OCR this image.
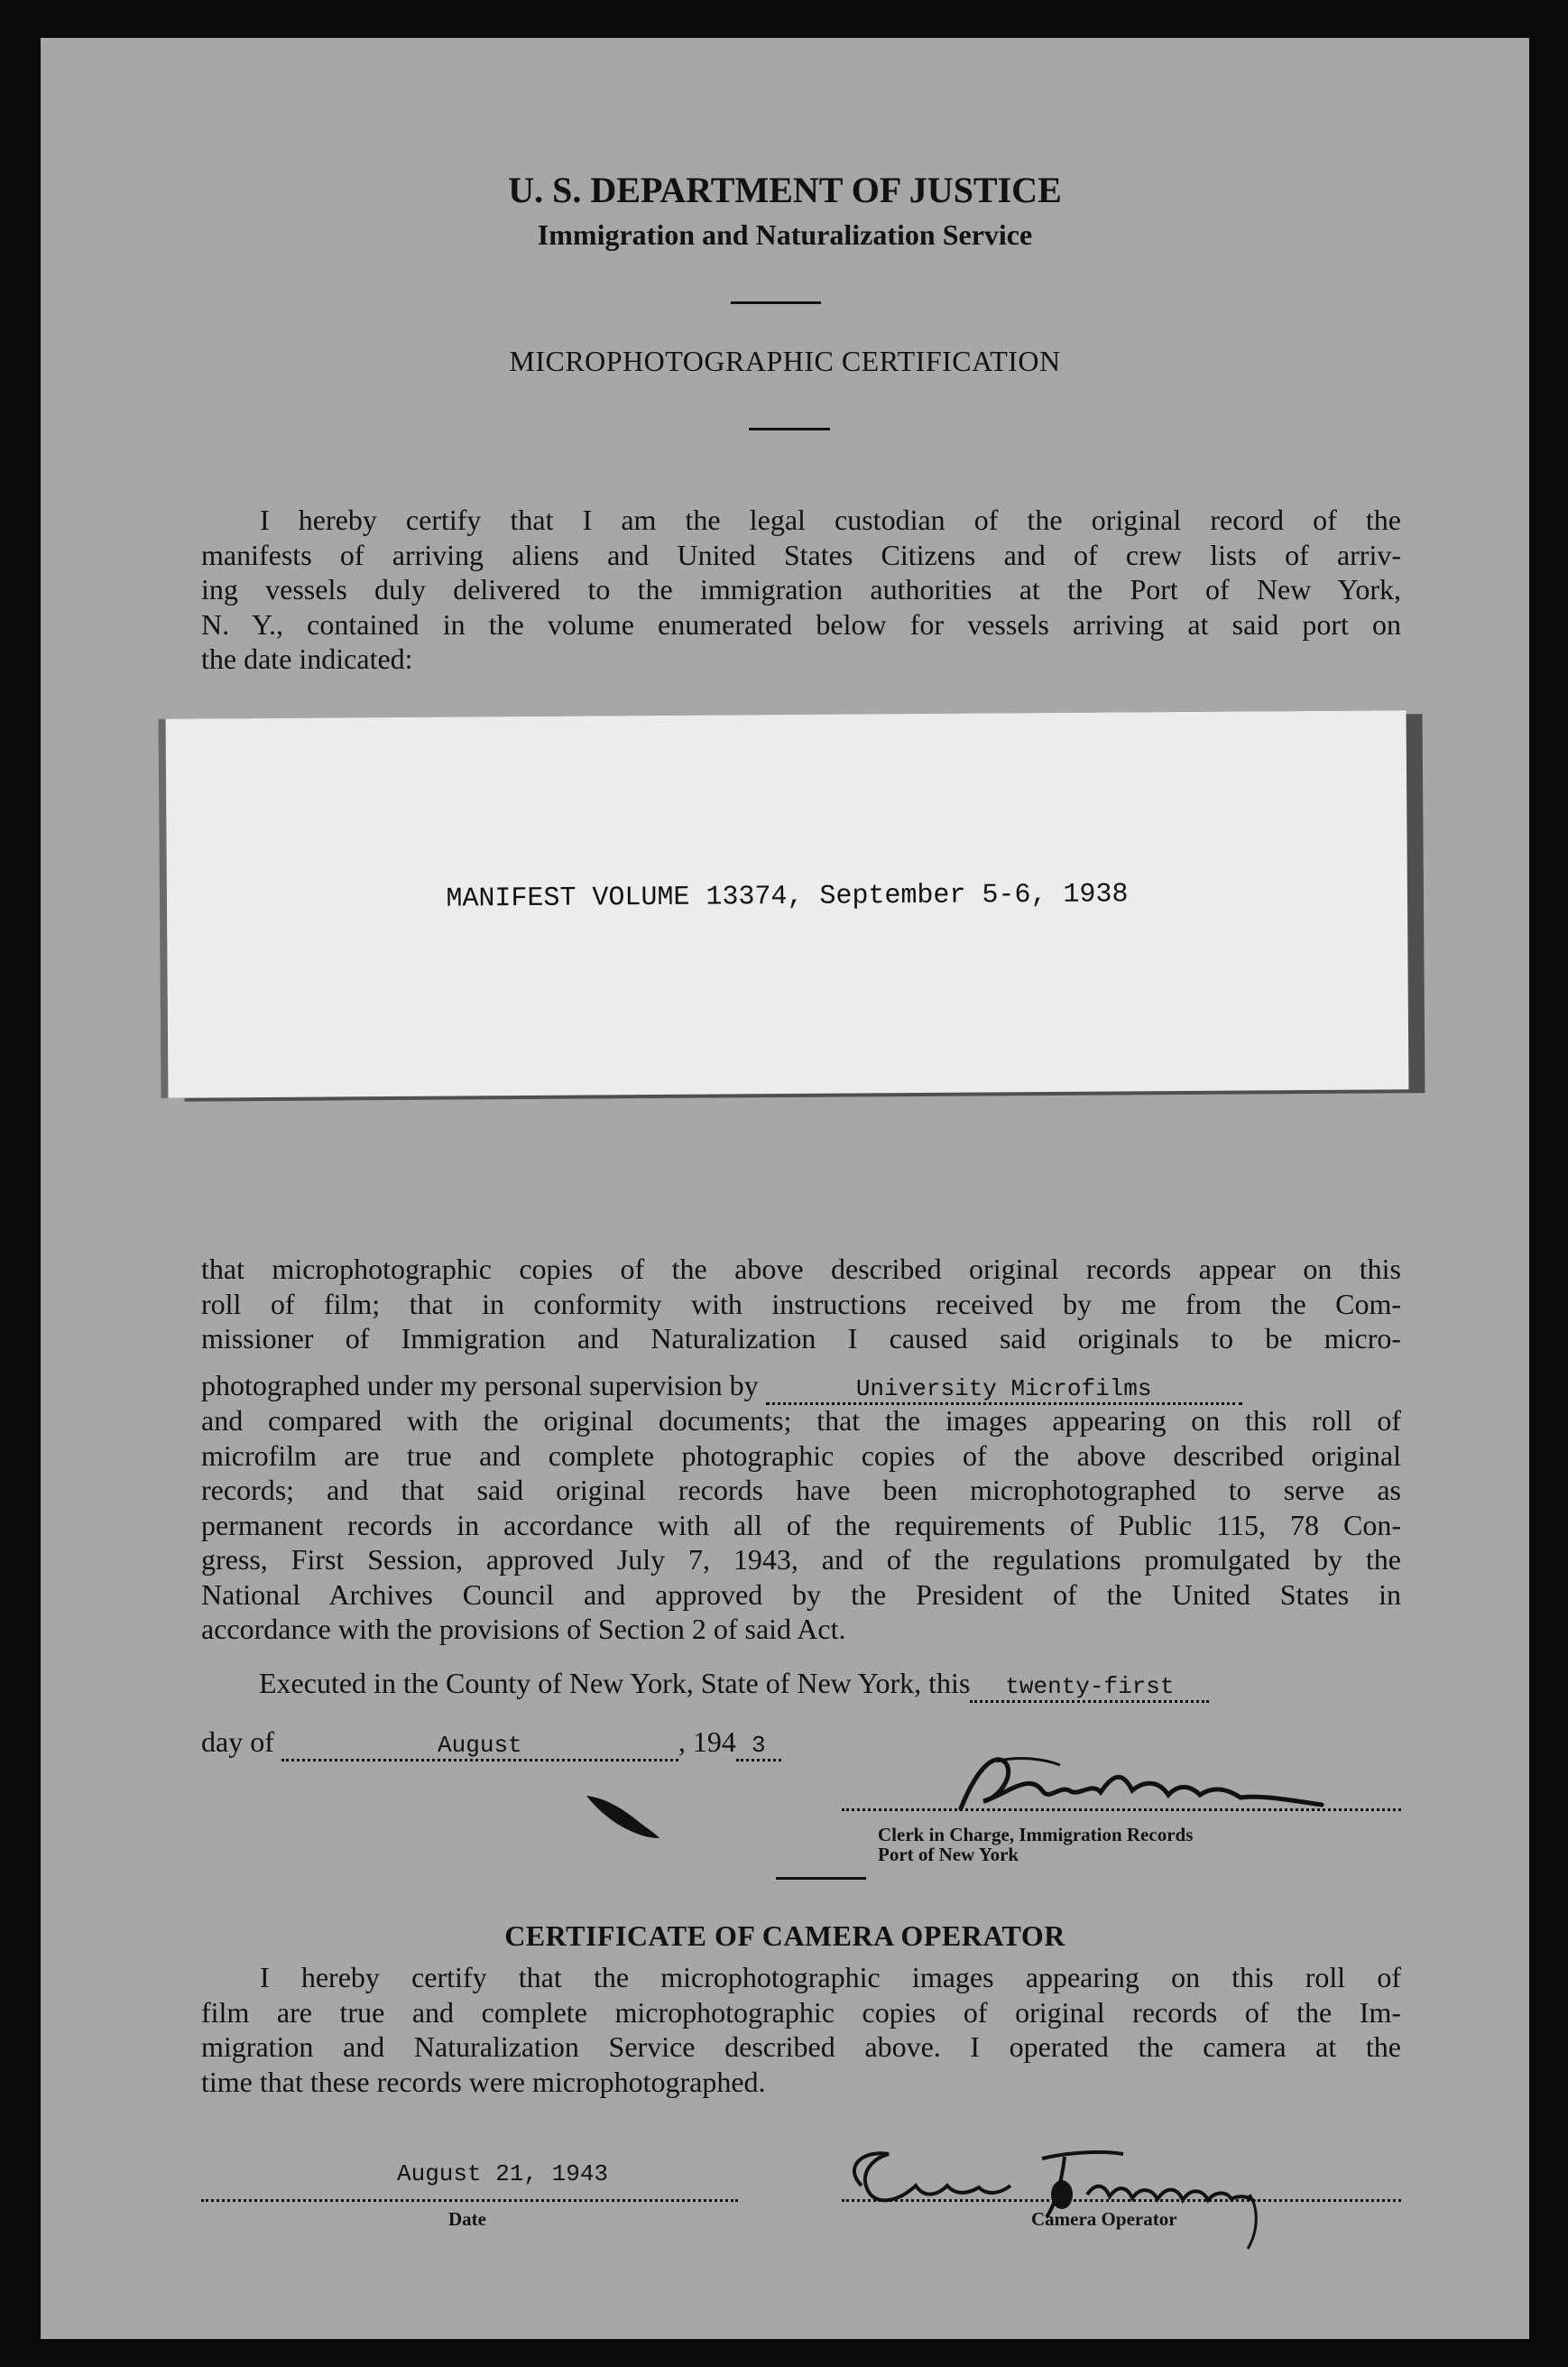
U. S. DEPARTMENT OF JUSTICE
Immigration and Naturalization Service
MICROPHOTOGRAPHIC CERTIFICATION

I hereby certify that I am the legal custodian of the original record of the
manifests of arriving aliens and United States Citizens and of crew lists of arriv-
ing vessels duly delivered to the immigration authorities at the Port of New York,
N. Y., contained in the volume enumerated below for vessels arriving at said port on
the date indicated:

MANIFEST VOLUME 13374, September 5-6, 1938

that microphotographic copies of the above described original records appear on this
roll of film; that in conformity with instructions received by me from the Com-
missioner of Immigration and Naturalization I caused said originals to be micro-

photographed under my personal supervision by	University Microfilms

and compared with the original documents; that the images appearing on this roll of
microfilm are true and complete photographic copies of the above described original
records; and that said original records have been microphotographed to serve as
permanent records in accordance with all of the requirements of Public 115, 78 Con-
gress, First Session, approved July 7, 1943, and of the regulations promulgated by the
National Archives Council and approved by the President of the United States in
accordance with the provisions of Section 2 of said Act.

Executed in the County of New York, State of New York, this twenty-first
day of	August	, 194 3
Clerk in Charge, Immigration Records
Port of New York
CERTIFICATE OF CAMERA OPERATOR

I hereby certify that the microphotographic images appearing on this roll of
film are true and complete microphotographic copies of original records of the Im-
migration and Naturalization Service described above. I operated the camera at the
time that these records were microphotographed.

August 21, 1943
Date	Camera Operator
